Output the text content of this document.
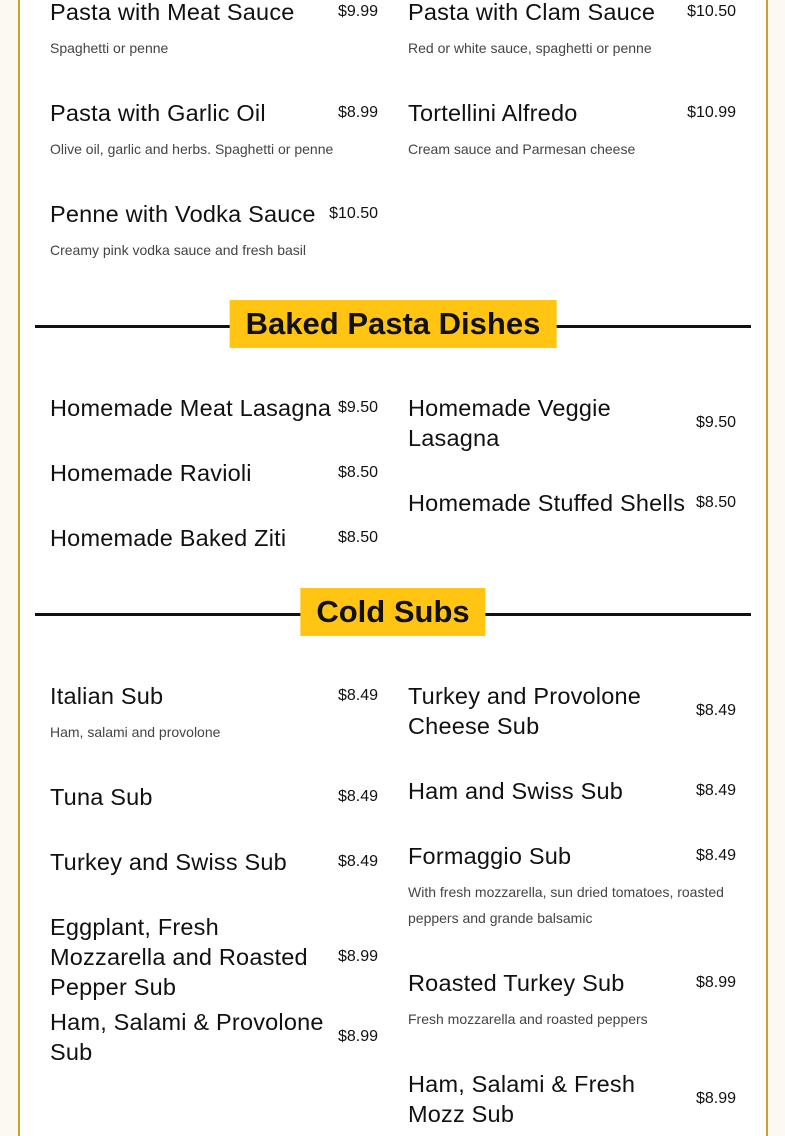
Pasta with Meat Sauce	$9.99
Spaghetti or penne
Pasta with Garlic Oil	$8.99
Olive oil, garlic and herbs. Spaghetti or penne
Penne with Vodka Sauce $10.50
Creamy pink vodka sauce and fresh basil
Pasta with Clam Sauce $10.50
Red or white sauce, spaghetti or penne
Tortellini Alfredo	$10.99
Cream sauce and Parmesan cheese
Baked Pasta Dishes
Homemade Meat Lasagna $9.50
Homemade Ravioli	$8.50
Homemade Baked Ziti	$8.50
Homemade Veggie Lasagna
$9.50
Homemade Stuffed Shells $8.50
Cold Subs
Italian Sub	$8.49
Ham, salami and provolone
Tuna Sub	$8.49
Turkey and Swiss Sub	$8.49
Eggplant, Fresh Mozzarella and Roasted Pepper Sub
$8.99
Ham, Salami & Provolone Sub
$8.99
Turkey and Provolone Cheese Sub
$8.49
Ham and Swiss Sub	$8.49
Formaggio Sub	$8.49
With fresh mozzarella, sun dried tomatoes, roasted peppers and grande balsamic
Roasted Turkey Sub	$8.99
Fresh mozzarella and roasted peppers
Ham, Salami & Fresh Mozz Sub
$8.99
